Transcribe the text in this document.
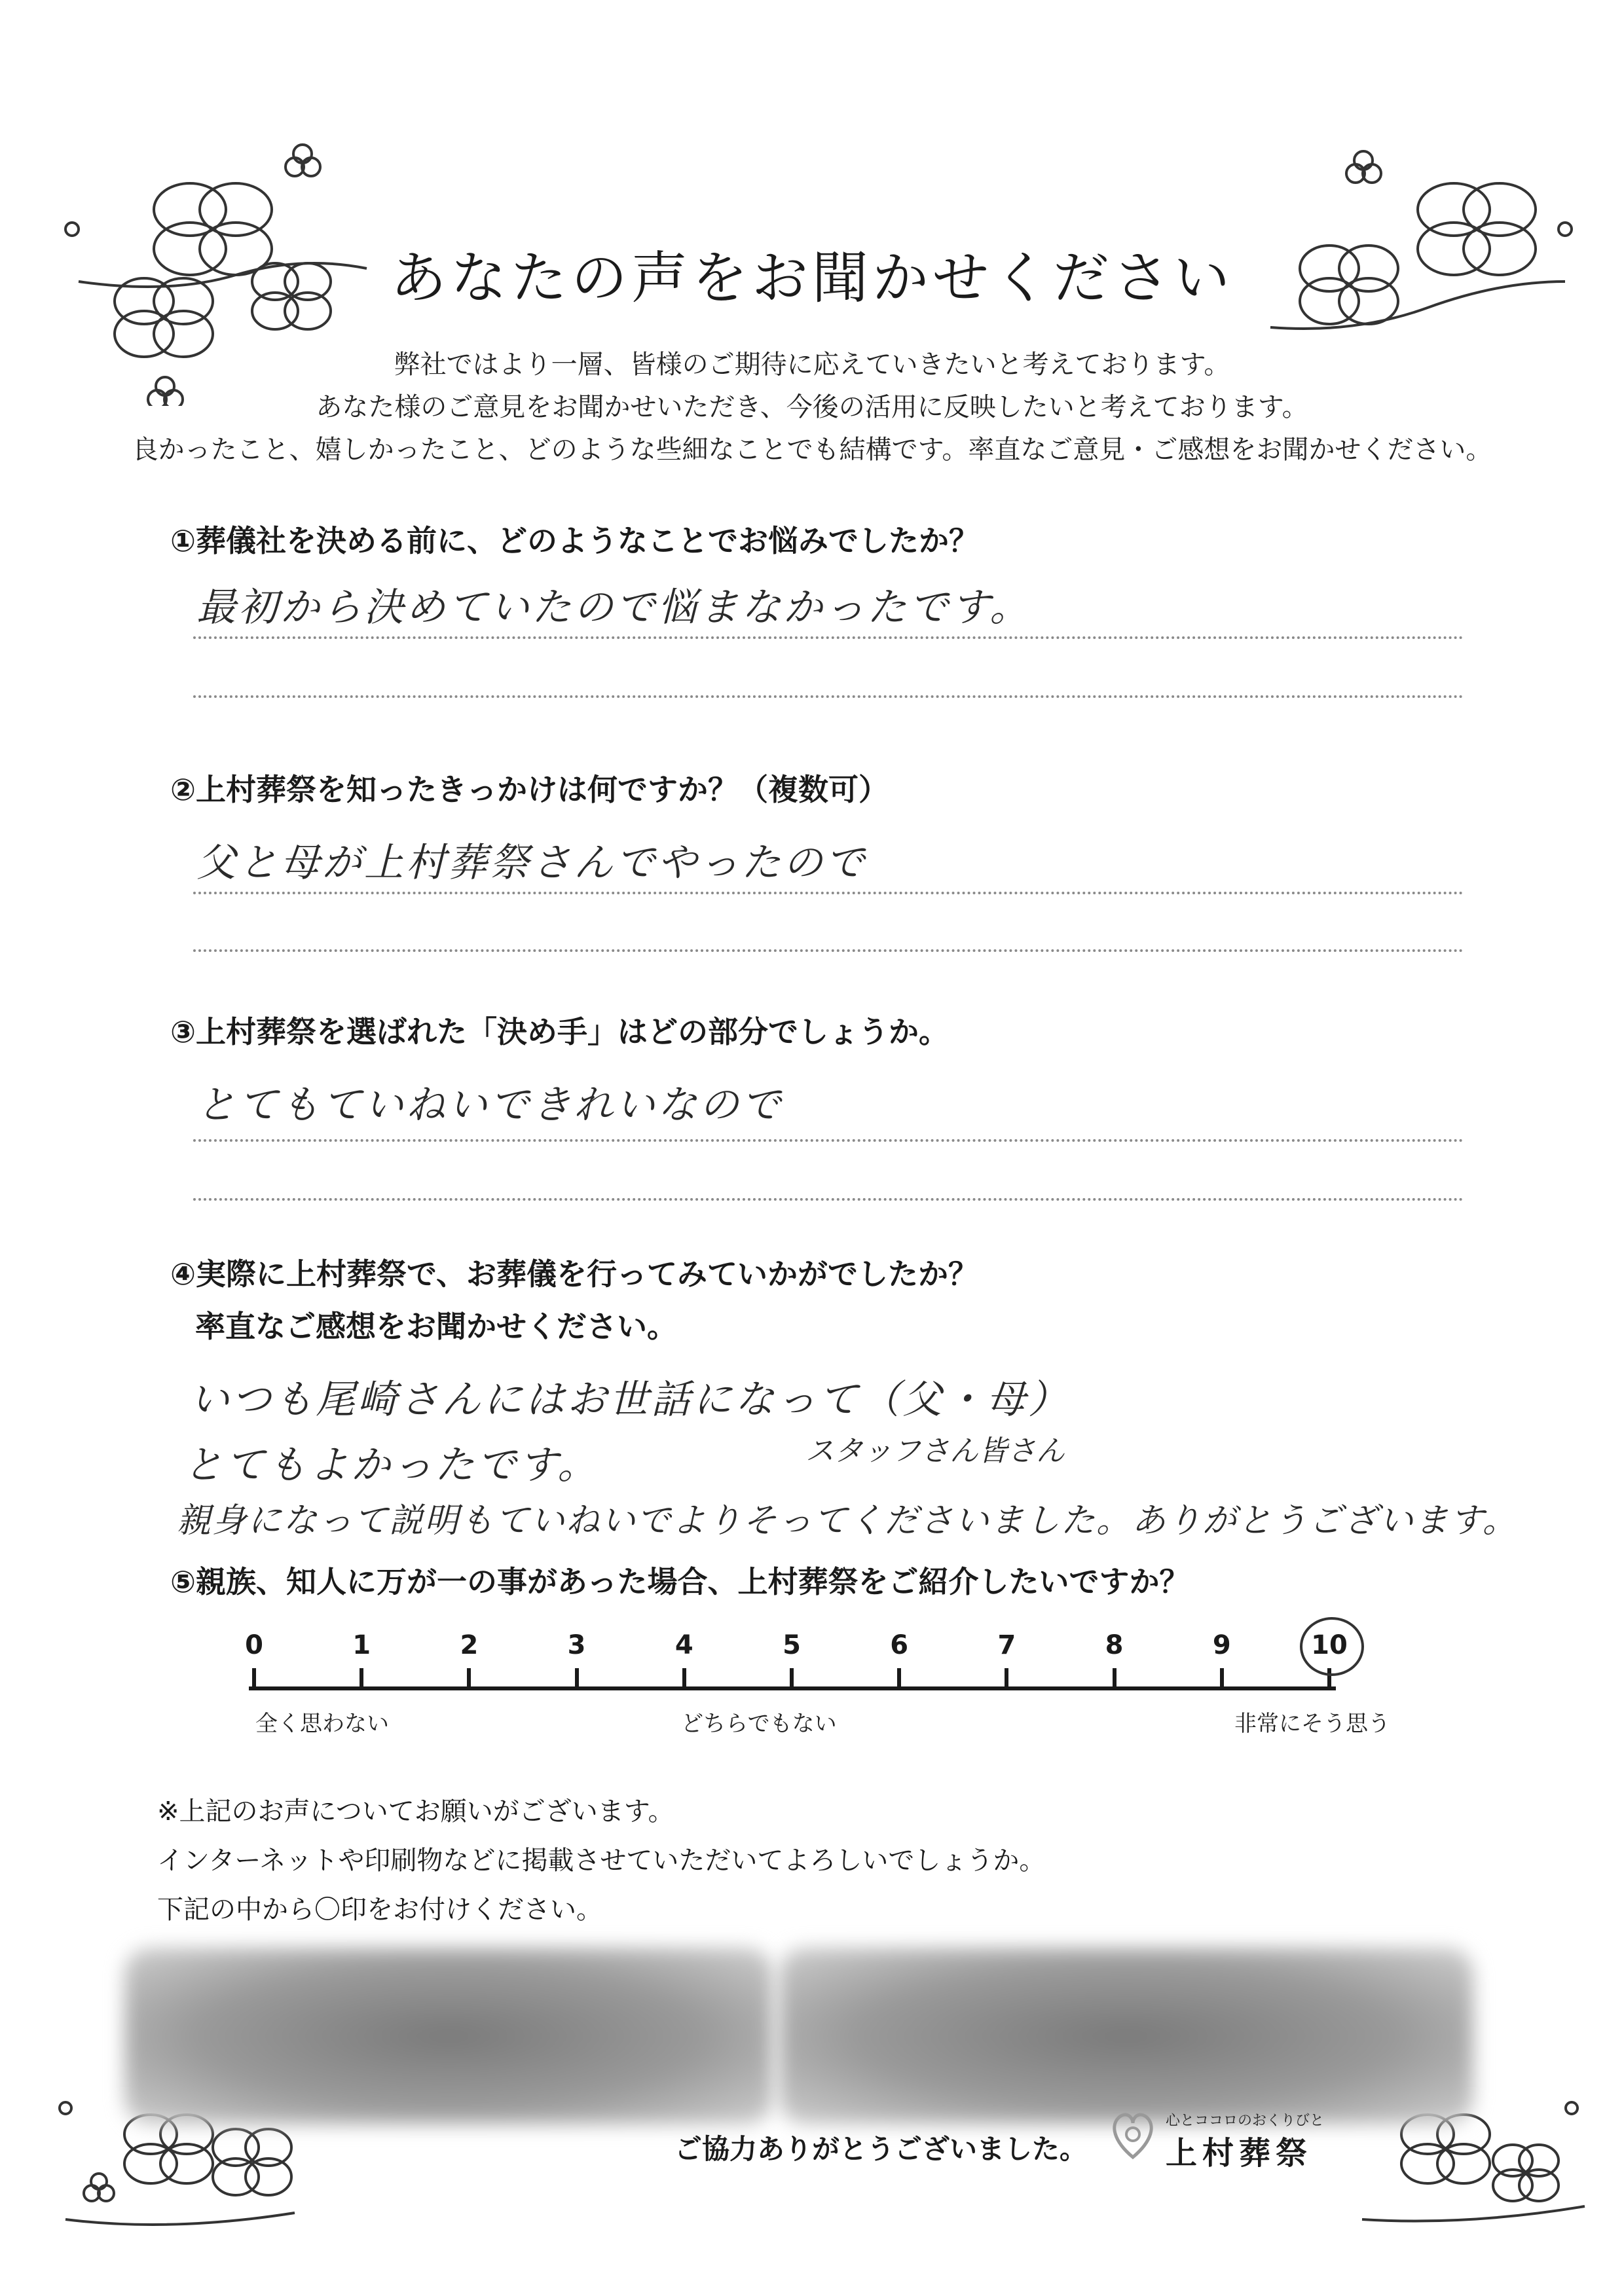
あなたの声をお聞かせください
弊社ではより一層、皆様のご期待に応えていきたいと考えております。
あなた様のご意見をお聞かせいただき、今後の活用に反映したいと考えております。
良かったこと、嬉しかったこと、どのような些細なことでも結構です。率直なご意見・ご感想をお聞かせください。
①葬儀社を決める前に、どのようなことでお悩みでしたか？
最初から決めていたので悩まなかったです。
②上村葬祭を知ったきっかけは何ですか？（複数可）
父と母が上村葬祭さんでやったので
③上村葬祭を選ばれた「決め手」はどの部分でしょうか。
とてもていねいできれいなので
④実際に上村葬祭で、お葬儀を行ってみていかがでしたか？
率直なご感想をお聞かせください。
いつも尾崎さんにはお世話になって（父・母）
とてもよかったです。	スタッフさん皆さん
親身になって説明もていねいでよりそってくださいました。ありがとうございます。
⑤親族、知人に万が一の事があった場合、上村葬祭をご紹介したいですか？
0	1	2	3	4	5	6	7	8	9	10
全く思わない	どちらでもない	非常にそう思う
※上記のお声についてお願いがございます。
インターネットや印刷物などに掲載させていただいてよろしいでしょうか。
下記の中から〇印をお付けください。
ご協力ありがとうございました。
心とココロのおくりびと
上村葬祭
